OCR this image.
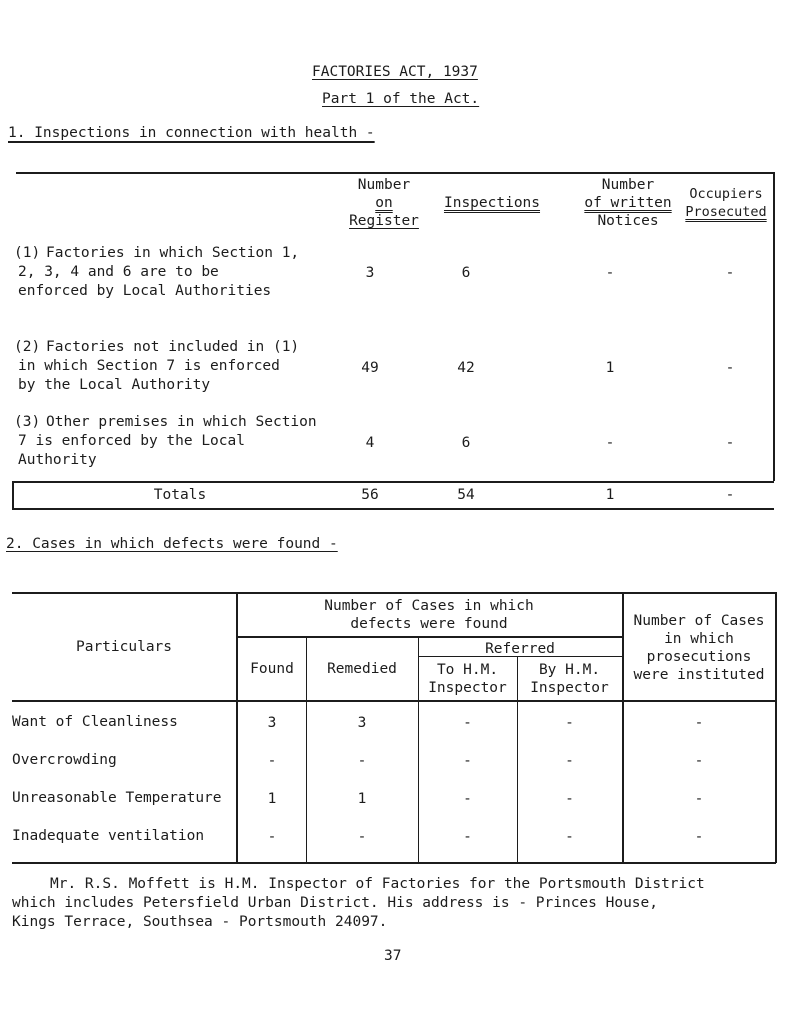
FACTORIES ACT, 1937
Part 1 of the Act.
1. Inspections in connection with health -
Number
on
Register
Inspections
Number
of written
Notices
Occupiers
Prosecuted
(1) Factories in which Section 1,
2, 3, 4 and 6 are to be
enforced by Local Authorities
3	6	-	-
(2) Factories not included in (1)
in which Section 7 is enforced
by the Local Authority
49	42	1	-
(3) Other premises in which Section
7 is enforced by the Local
Authority
4	6	-	-
Totals	56	54	1	-
2. Cases in which defects were found -
Particulars
Number of Cases in which
defects were found
Found	Remedied
Referred
To H.M.
Inspector
By H.M.
Inspector
Number of Cases
in which
prosecutions
were instituted
Want of Cleanliness	3	3	-	-	-
Overcrowding	-	-	-	-	-
Unreasonable Temperature	1	1	-	-	-
Inadequate ventilation	-	-	-	-	-
Mr. R.S. Moffett is H.M. Inspector of Factories for the Portsmouth District
which includes Petersfield Urban District. His address is - Princes House,
Kings Terrace, Southsea - Portsmouth 24097.
37
